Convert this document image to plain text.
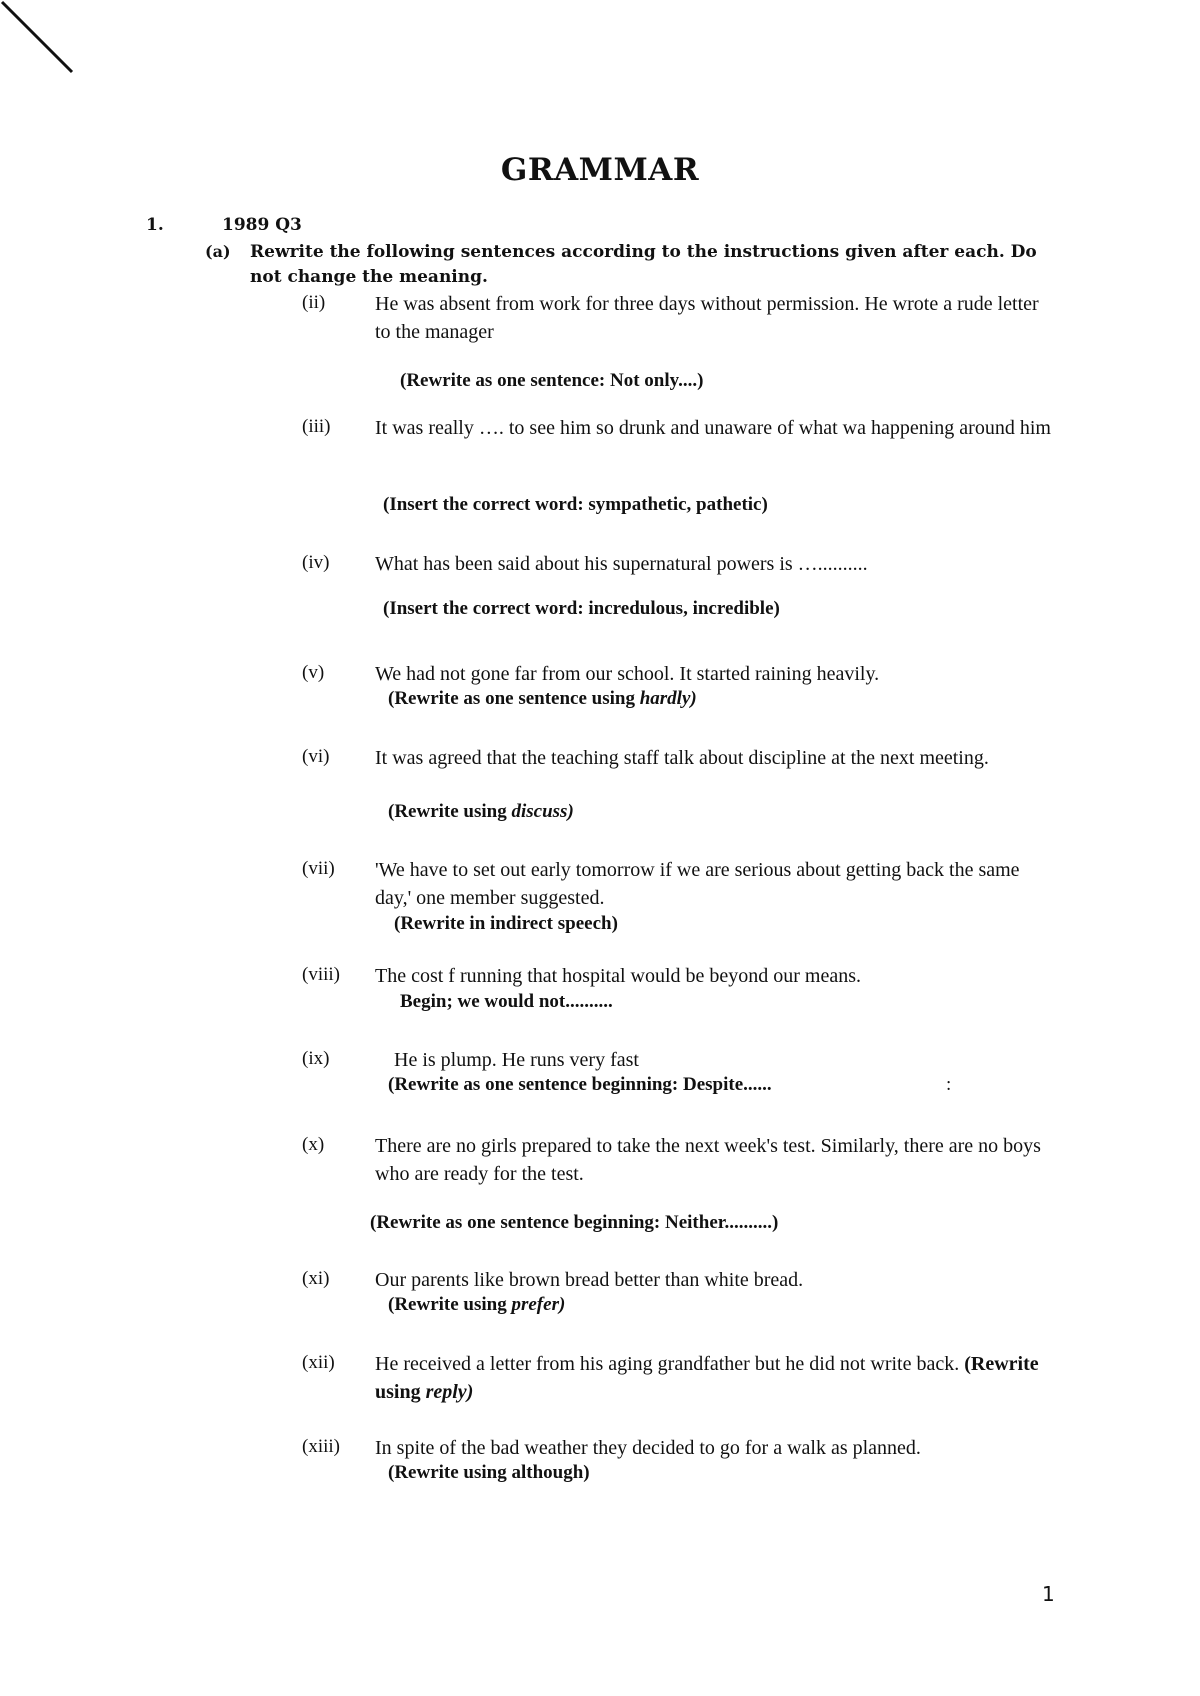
GRAMMAR
1.	1989 Q3
(a) Rewrite the following sentences according to the instructions given after each. Do not change the meaning.
(ii) He was absent from work for three days without permission. He wrote a rude letter to the manager
(Rewrite as one sentence: Not only....)
(iii) It was really …. to see him so drunk and unaware of what wa happening around him
(Insert the correct word: sympathetic, pathetic)
(iv) What has been said about his supernatural powers is …..........
(Insert the correct word: incredulous, incredible)
(v)	We had not gone far from our school. It started raining heavily.
(Rewrite as one sentence using hardly)
(vi) It was agreed that the teaching staff talk about discipline at the next meeting.
(Rewrite using discuss)
(vii) 'We have to set out early tomorrow if we are serious about getting back the same day,' one member suggested.
(Rewrite in indirect speech)
(viii) The cost f running that hospital would be beyond our means.
Begin; we would not..........
(ix)	He is plump. He runs very fast
(Rewrite as one sentence beginning: Despite......	:
(x)	There are no girls prepared to take the next week's test. Similarly, there are no boys who are ready for the test.
(Rewrite as one sentence beginning: Neither..........)
(xi) Our parents like brown bread better than white bread.
(Rewrite using prefer)
(xii) He received a letter from his aging grandfather but he did not write back. (Rewrite using reply)
(xiii) In spite of the bad weather they decided to go for a walk as planned.
(Rewrite using although)
1
